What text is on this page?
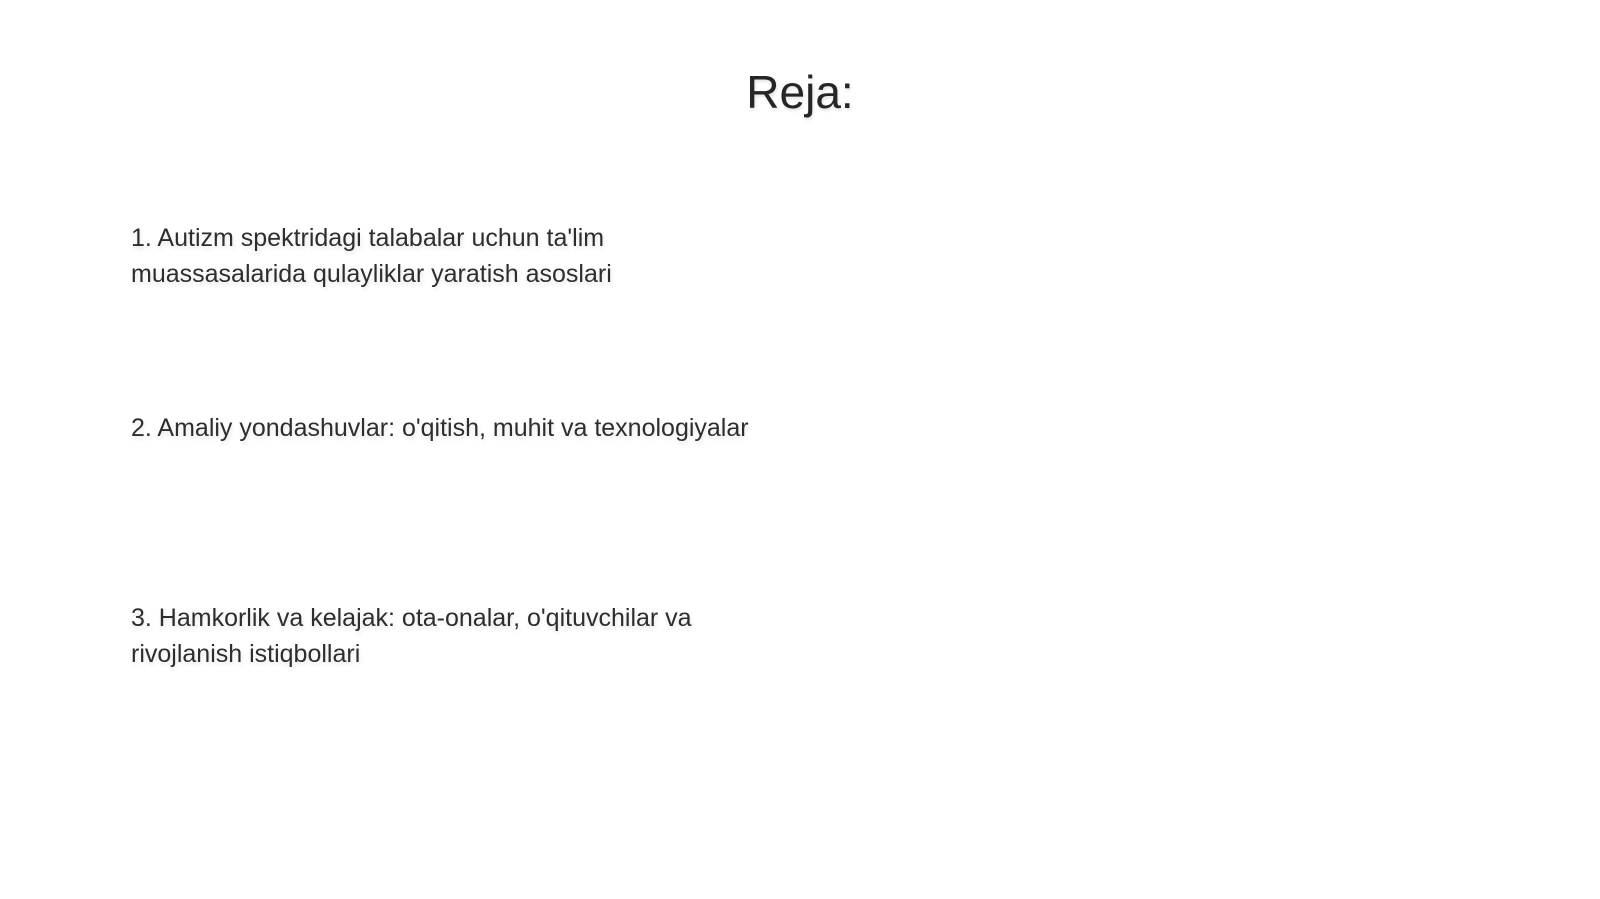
Reja:
1. Autizm spektridagi talabalar uchun ta'lim muassasalarida qulayliklar yaratish asoslari
2. Amaliy yondashuvlar: o'qitish, muhit va texnologiyalar
3. Hamkorlik va kelajak: ota-onalar, o'qituvchilar va rivojlanish istiqbollari
